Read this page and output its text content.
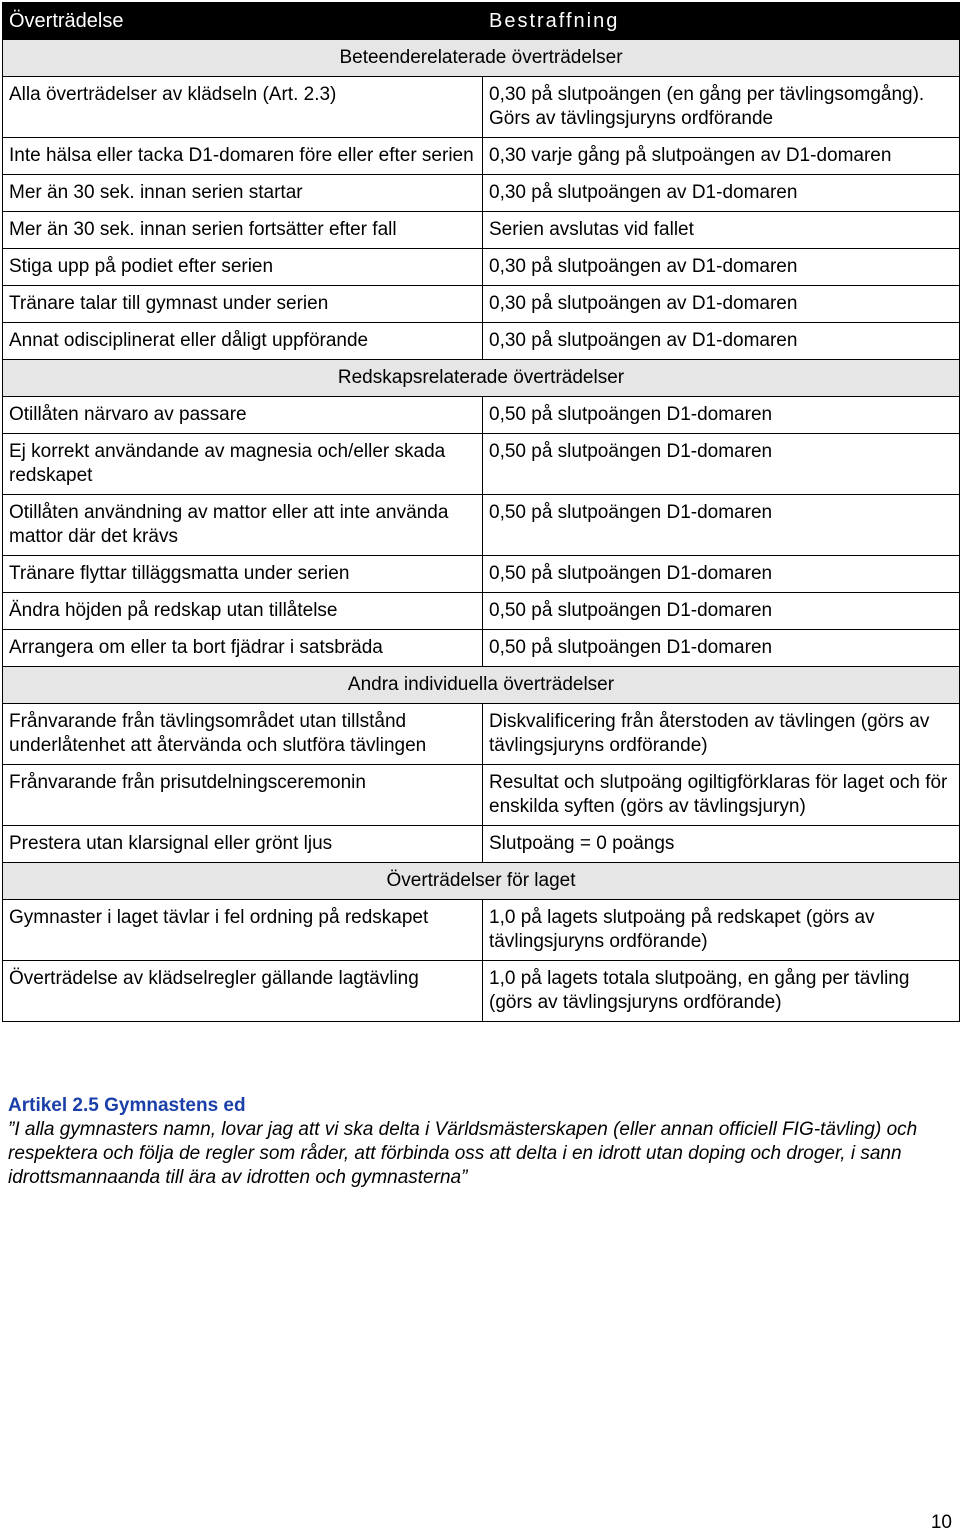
Överträdelse	Bestraffning
Beteenderelaterade överträdelser	
Alla överträdelser av klädseln (Art. 2.3)	0,30 på slutpoängen (en gång per tävlingsomgång). Görs av tävlingsjuryns ordförande
Inte hälsa eller tacka D1-domaren före eller efter serien	0,30 varje gång på slutpoängen av D1-domaren
Mer än 30 sek. innan serien startar	0,30 på slutpoängen av D1-domaren
Mer än 30 sek. innan serien fortsätter efter fall	Serien avslutas vid fallet
Stiga upp på podiet efter serien	0,30 på slutpoängen av D1-domaren
Tränare talar till gymnast under serien	0,30 på slutpoängen av D1-domaren
Annat odisciplinerat eller dåligt uppförande	0,30 på slutpoängen av D1-domaren
Redskapsrelaterade överträdelser	
Otillåten närvaro av passare	0,50 på slutpoängen D1-domaren
Ej korrekt användande av magnesia och/eller skada redskapet	0,50 på slutpoängen D1-domaren
Otillåten användning av mattor eller att inte använda mattor där det krävs	0,50 på slutpoängen D1-domaren
Tränare flyttar tilläggsmatta under serien	0,50 på slutpoängen D1-domaren
Ändra höjden på redskap utan tillåtelse	0,50 på slutpoängen D1-domaren
Arrangera om eller ta bort fjädrar i satsbräda	0,50 på slutpoängen D1-domaren
Andra individuella överträdelser	
Frånvarande från tävlingsområdet utan tillstånd underlåtenhet att återvända och slutföra tävlingen	Diskvalificering från återstoden av tävlingen (görs av tävlingsjuryns ordförande)
Frånvarande från prisutdelningsceremonin	Resultat och slutpoäng ogiltigförklaras för laget och för enskilda syften (görs av tävlingsjuryn)
Prestera utan klarsignal eller grönt ljus	Slutpoäng = 0 poängs
Överträdelser för laget	
Gymnaster i laget tävlar i fel ordning på redskapet	1,0 på lagets slutpoäng på redskapet (görs av tävlingsjuryns ordförande)
Överträdelse av klädselregler gällande lagtävling	1,0 på lagets totala slutpoäng, en gång per tävling (görs av tävlingsjuryns ordförande)
Artikel 2.5 Gymnastens ed
”I alla gymnasters namn, lovar jag att vi ska delta i Världsmästerskapen (eller annan officiell FIG-tävling) och respektera och följa de regler som råder, att förbinda oss att delta i en idrott utan doping och droger, i sann idrottsmannaanda till ära av idrotten och gymnasterna”
10
